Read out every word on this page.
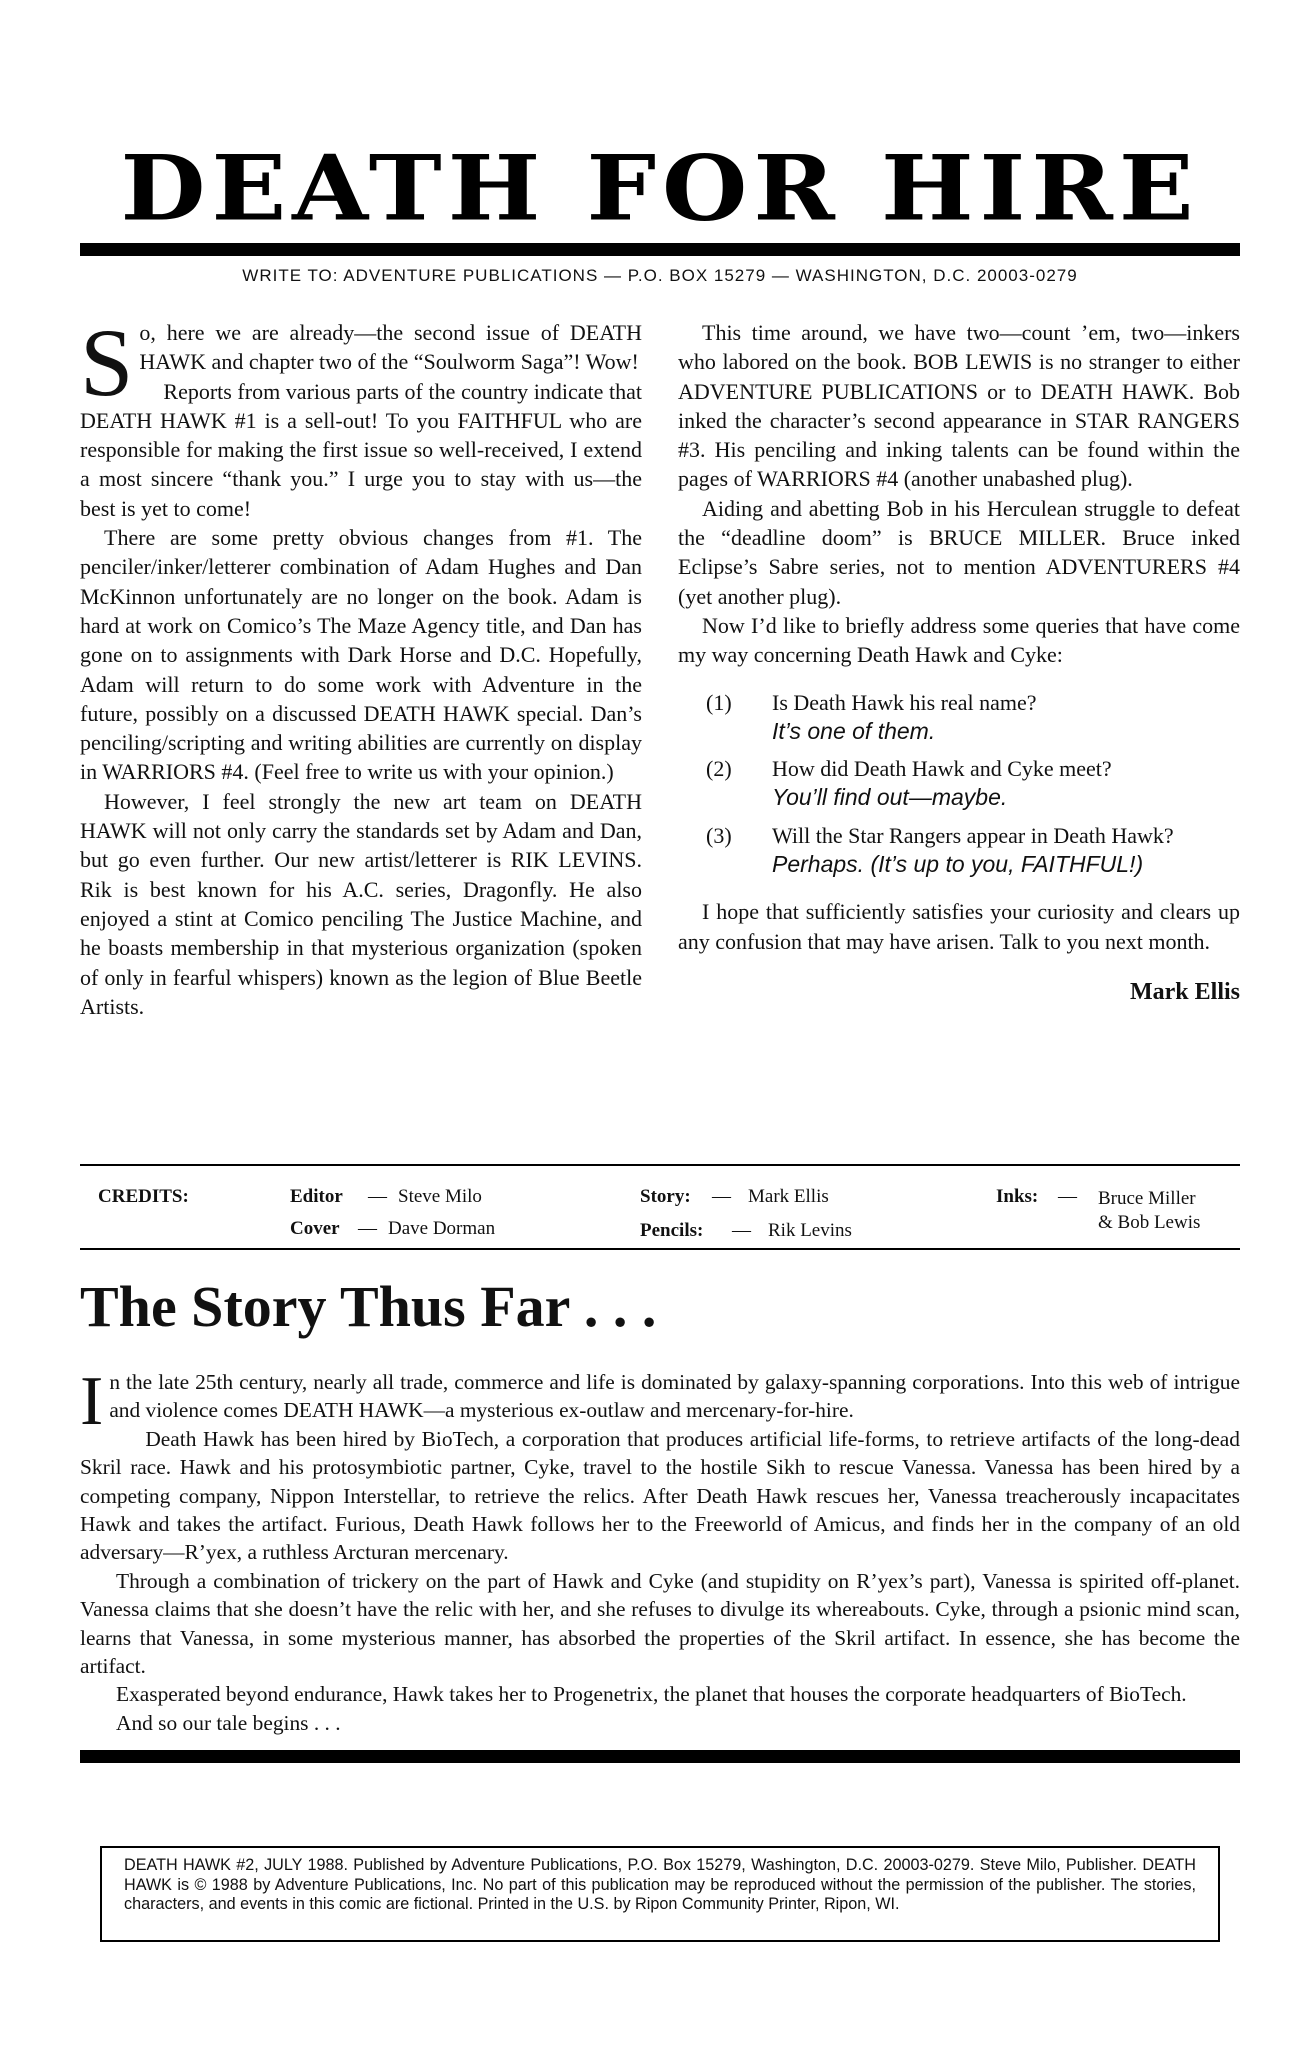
DEATH FOR HIRE
WRITE TO: ADVENTURE PUBLICATIONS — P.O. BOX 15279 — WASHINGTON, D.C. 20003-0279

So, here we are already—the second issue of DEATH HAWK and chapter two of the “Soulworm Saga”! Wow!

Reports from various parts of the country indicate that DEATH HAWK #1 is a sell-out! To you FAITHFUL who are responsible for making the first issue so well-received, I extend a most sincere “thank you.” I urge you to stay with us—the best is yet to come!

There are some pretty obvious changes from #1. The penciler/inker/letterer combination of Adam Hughes and Dan McKinnon unfortunately are no longer on the book. Adam is hard at work on Comico’s The Maze Agency title, and Dan has gone on to assignments with Dark Horse and D.C. Hopefully, Adam will return to do some work with Adventure in the future, possibly on a discussed DEATH HAWK special. Dan’s penciling/scripting and writing abilities are currently on display in WARRIORS #4. (Feel free to write us with your opinion.)

However, I feel strongly the new art team on DEATH HAWK will not only carry the standards set by Adam and Dan, but go even further. Our new artist/letterer is RIK LEVINS. Rik is best known for his A.C. series, Dragonfly. He also enjoyed a stint at Comico penciling The Justice Machine, and he boasts membership in that mysterious organization (spoken of only in fearful whispers) known as the legion of Blue Beetle Artists.

This time around, we have two—count ’em, two—inkers who labored on the book. BOB LEWIS is no stranger to either ADVENTURE PUBLICATIONS or to DEATH HAWK. Bob inked the character’s second appearance in STAR RANGERS #3. His penciling and inking talents can be found within the pages of WARRIORS #4 (another unabashed plug).

Aiding and abetting Bob in his Herculean struggle to defeat the “deadline doom” is BRUCE MILLER. Bruce inked Eclipse’s Sabre series, not to mention ADVENTURERS #4 (yet another plug).

Now I’d like to briefly address some queries that have come my way concerning Death Hawk and Cyke:

(1)	Is Death Hawk his real name?
It’s one of them.
(2)	How did Death Hawk and Cyke meet?
You’ll find out—maybe.
(3)	Will the Star Rangers appear in Death Hawk?
Perhaps. (It’s up to you, FAITHFUL!)

I hope that sufficiently satisfies your curiosity and clears up any confusion that may have arisen. Talk to you next month.

Mark Ellis
CREDITS:	Editor — Steve Milo
Cover — Dave Dorman
Story: — Mark Ellis
Pencils: — Rik Levins
Inks: — Bruce Miller
& Bob Lewis
The Story Thus Far . . .

In the late 25th century, nearly all trade, commerce and life is dominated by galaxy-spanning corporations. Into this web of intrigue and violence comes DEATH HAWK—a mysterious ex-outlaw and mercenary-for-hire.

Death Hawk has been hired by BioTech, a corporation that produces artificial life-forms, to retrieve artifacts of the long-dead Skril race. Hawk and his protosymbiotic partner, Cyke, travel to the hostile Sikh to rescue Vanessa. Vanessa has been hired by a competing company, Nippon Interstellar, to retrieve the relics. After Death Hawk rescues her, Vanessa treacherously incapacitates Hawk and takes the artifact. Furious, Death Hawk follows her to the Freeworld of Amicus, and finds her in the company of an old adversary—R’yex, a ruthless Arcturan mercenary.

Through a combination of trickery on the part of Hawk and Cyke (and stupidity on R’yex’s part), Vanessa is spirited off-planet. Vanessa claims that she doesn’t have the relic with her, and she refuses to divulge its whereabouts. Cyke, through a psionic mind scan, learns that Vanessa, in some mysterious manner, has absorbed the properties of the Skril artifact. In essence, she has become the artifact.

Exasperated beyond endurance, Hawk takes her to Progenetrix, the planet that houses the corporate headquarters of BioTech.

And so our tale begins . . .

DEATH HAWK #2, JULY 1988. Published by Adventure Publications, P.O. Box 15279, Washington, D.C. 20003-0279. Steve Milo, Publisher. DEATH HAWK is © 1988 by Adventure Publications, Inc. No part of this publication may be reproduced without the permission of the publisher. The stories, characters, and events in this comic are fictional. Printed in the U.S. by Ripon Community Printer, Ripon, WI.
